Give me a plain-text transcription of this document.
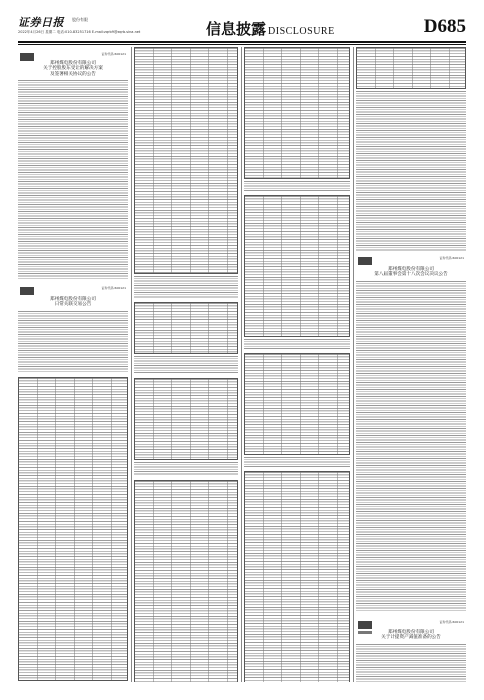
证券日报 股份有限
2022年4月26日 星期二 电话:010-83251716 E-mail:zqrb9@zqrb.sina.net	信息披露 DISCLOSURE	D685
证券代码:600121
郑州煤电股份有限公司
关于控股股东受让的解决方案
及签署相关协议的公告
证券代码:600121
郑州煤电股份有限公司
日常关联交易公告
证券代码:600121
郑州煤电股份有限公司
第八届董事会第十八次会议决议公告
证券代码:600121
郑州煤电股份有限公司
关于计提资产减值准备的公告
